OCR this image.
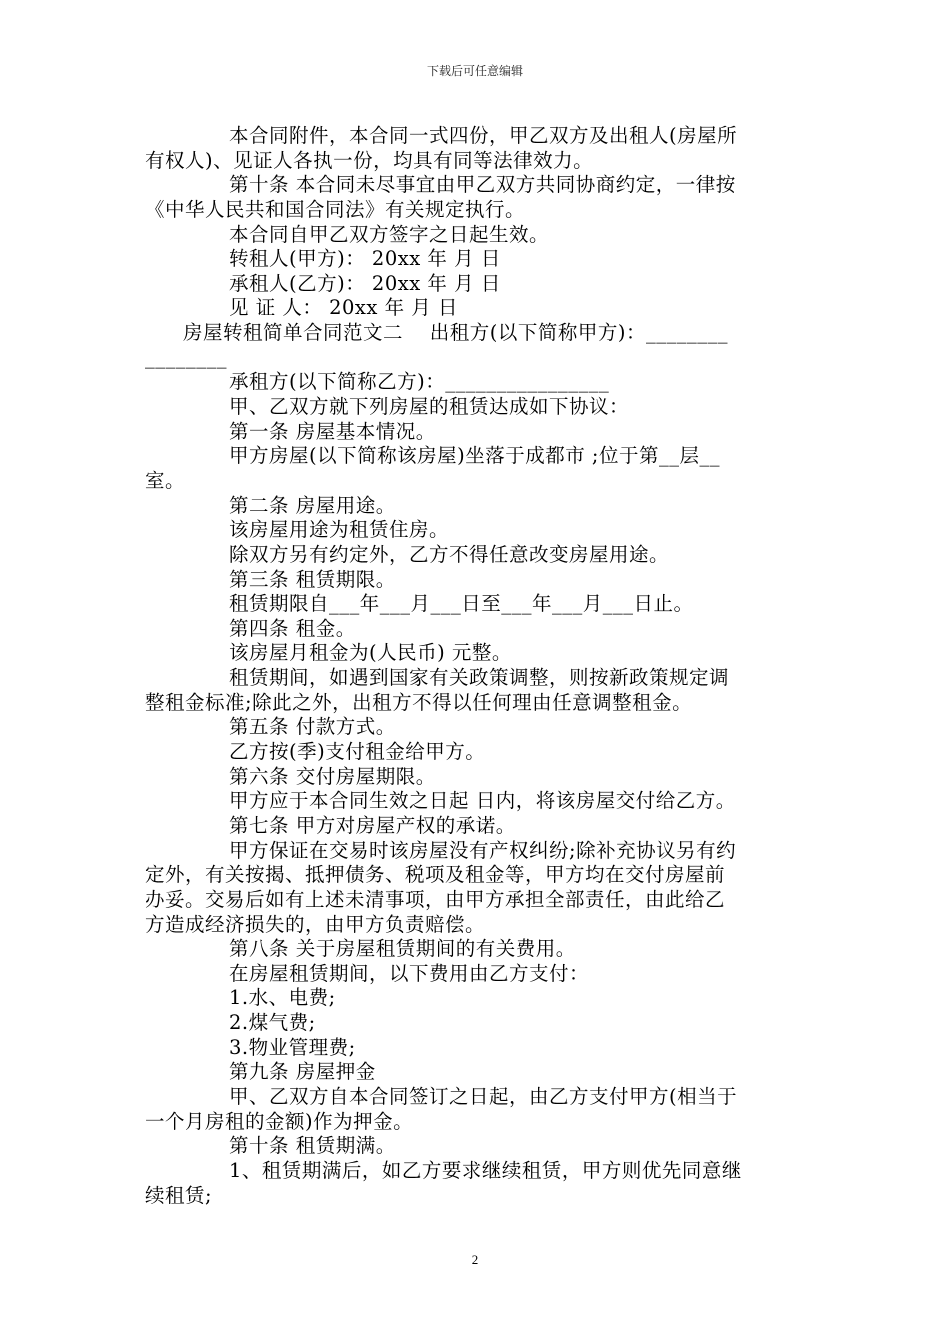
下载后可任意编辑
本合同附件，本合同一式四份，甲乙双方及出租人(房屋所
有权人)、见证人各执一份，均具有同等法律效力。
第十条 本合同未尽事宜由甲乙双方共同协商约定，一律按
《中华人民共和国合同法》有关规定执行。
本合同自甲乙双方签字之日起生效。
转租人(甲方)： 20xx 年 月 日
承租人(乙方)： 20xx 年 月 日
见 证 人： 20xx 年 月 日
房屋转租简单合同范文二    出租方(以下简称甲方)：________
________
承租方(以下简称乙方)：________________
甲、乙双方就下列房屋的租赁达成如下协议：
第一条 房屋基本情况。
甲方房屋(以下简称该房屋)坐落于成都市 ;位于第__层__
室。
第二条 房屋用途。
该房屋用途为租赁住房。
除双方另有约定外，乙方不得任意改变房屋用途。
第三条 租赁期限。
租赁期限自___年___月___日至___年___月___日止。
第四条 租金。
该房屋月租金为(人民币) 元整。
租赁期间，如遇到国家有关政策调整，则按新政策规定调
整租金标准;除此之外，出租方不得以任何理由任意调整租金。
第五条 付款方式。
乙方按(季)支付租金给甲方。
第六条 交付房屋期限。
甲方应于本合同生效之日起 日内，将该房屋交付给乙方。
第七条 甲方对房屋产权的承诺。
甲方保证在交易时该房屋没有产权纠纷;除补充协议另有约
定外，有关按揭、抵押债务、税项及租金等，甲方均在交付房屋前
办妥。交易后如有上述未清事项，由甲方承担全部责任，由此给乙
方造成经济损失的，由甲方负责赔偿。
第八条 关于房屋租赁期间的有关费用。
在房屋租赁期间，以下费用由乙方支付：
1.水、电费;
2.煤气费;
3.物业管理费;
第九条 房屋押金
甲、乙双方自本合同签订之日起，由乙方支付甲方(相当于
一个月房租的金额)作为押金。
第十条 租赁期满。
1、租赁期满后，如乙方要求继续租赁，甲方则优先同意继
续租赁;
2
